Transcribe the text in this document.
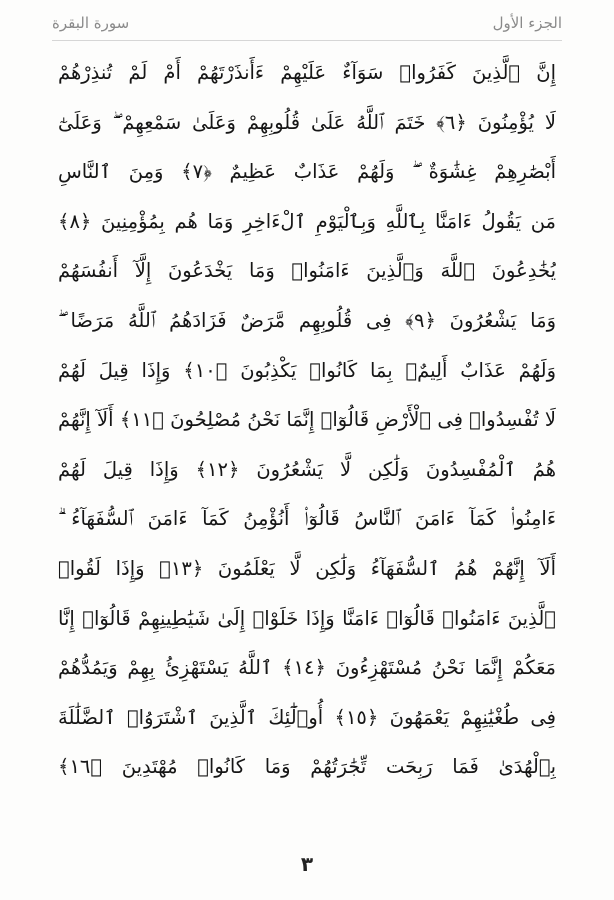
الجزء الأول
سورة البقرة
إِنَّ ٱلَّذِينَ كَفَرُوا۟ سَوَآءٌ عَلَيْهِمْ ءَأَنذَرْتَهُمْ أَمْ لَمْ تُنذِرْهُمْ
لَا يُؤْمِنُونَ ﴿٦﴾ خَتَمَ ٱللَّهُ عَلَىٰ قُلُوبِهِمْ وَعَلَىٰ سَمْعِهِمْ ۖ وَعَلَىٰٓ
أَبْصَٰرِهِمْ غِشَٰوَةٌ ۖ وَلَهُمْ عَذَابٌ عَظِيمٌ ﴿٧﴾ وَمِنَ ٱلنَّاسِ
مَن يَقُولُ ءَامَنَّا بِٱللَّهِ وَبِٱلْيَوْمِ ٱلْءَاخِرِ وَمَا هُم بِمُؤْمِنِينَ ﴿٨﴾
يُخَٰدِعُونَ ٱللَّهَ وَٱلَّذِينَ ءَامَنُوا۟ وَمَا يَخْدَعُونَ إِلَّآ أَنفُسَهُمْ
وَمَا يَشْعُرُونَ ﴿٩﴾ فِى قُلُوبِهِم مَّرَضٌ فَزَادَهُمُ ٱللَّهُ مَرَضًا ۖ
وَلَهُمْ عَذَابٌ أَلِيمٌۢ بِمَا كَانُوا۟ يَكْذِبُونَ ﴿١٠﴾ وَإِذَا قِيلَ لَهُمْ
لَا تُفْسِدُوا۟ فِى ٱلْأَرْضِ قَالُوٓا۟ إِنَّمَا نَحْنُ مُصْلِحُونَ ﴿١١﴾ أَلَآ إِنَّهُمْ
هُمُ ٱلْمُفْسِدُونَ وَلَٰكِن لَّا يَشْعُرُونَ ﴿١٢﴾ وَإِذَا قِيلَ لَهُمْ
ءَامِنُوا۟ كَمَآ ءَامَنَ ٱلنَّاسُ قَالُوٓا۟ أَنُؤْمِنُ كَمَآ ءَامَنَ ٱلسُّفَهَآءُ ۗ
أَلَآ إِنَّهُمْ هُمُ ٱلسُّفَهَآءُ وَلَٰكِن لَّا يَعْلَمُونَ ﴿١٣﴾ وَإِذَا لَقُوا۟
ٱلَّذِينَ ءَامَنُوا۟ قَالُوٓا۟ ءَامَنَّا وَإِذَا خَلَوْا۟ إِلَىٰ شَيَٰطِينِهِمْ قَالُوٓا۟ إِنَّا
مَعَكُمْ إِنَّمَا نَحْنُ مُسْتَهْزِءُونَ ﴿١٤﴾ ٱللَّهُ يَسْتَهْزِئُ بِهِمْ وَيَمُدُّهُمْ
فِى طُغْيَٰنِهِمْ يَعْمَهُونَ ﴿١٥﴾ أُو۟لَٰٓئِكَ ٱلَّذِينَ ٱشْتَرَوُا۟ ٱلضَّلَٰلَةَ
بِٱلْهُدَىٰ فَمَا رَبِحَت تِّجَٰرَتُهُمْ وَمَا كَانُوا۟ مُهْتَدِينَ ﴿١٦﴾
٣
